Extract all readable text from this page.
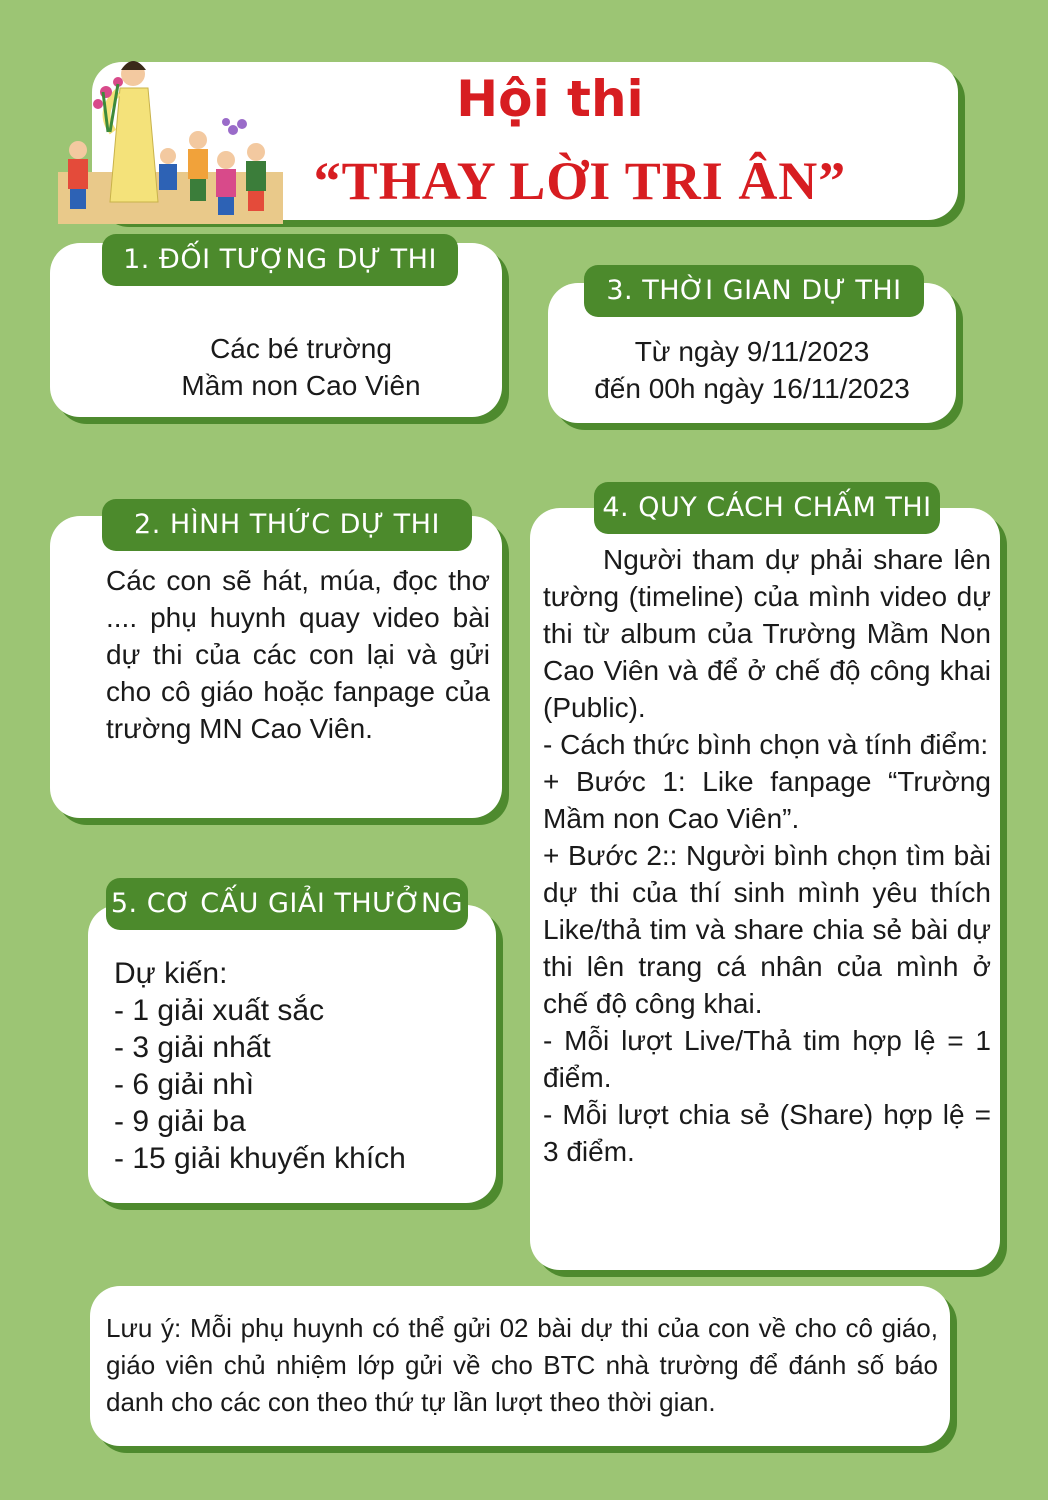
Hội thi
“THAY LỜI TRI ÂN”
1. ĐỐI TƯỢNG DỰ THI
Các bé trường
Mầm non Cao Viên
3. THỜI GIAN DỰ THI
Từ ngày 9/11/2023
đến 00h ngày 16/11/2023
2. HÌNH THỨC DỰ THI
Các con sẽ hát, múa, đọc thơ .... phụ huynh quay video bài dự thi của các con lại và gửi cho cô giáo hoặc fanpage của trường MN Cao Viên.
4. QUY CÁCH CHẤM THI
Người tham dự phải share lên tường (timeline) của mình video dự thi từ album của Trường Mầm Non Cao Viên và để ở chế độ công khai (Public).
- Cách thức bình chọn và tính điểm:
+ Bước 1: Like fanpage “Trường Mầm non Cao Viên”.
+ Bước 2:: Người bình chọn tìm bài dự thi của thí sinh mình yêu thích Like/thả tim và share chia sẻ bài dự thi lên trang cá nhân của mình ở chế độ công khai.
- Mỗi lượt Live/Thả tim hợp lệ = 1 điểm.
- Mỗi lượt chia sẻ (Share) hợp lệ = 3 điểm.
5. CƠ CẤU GIẢI THƯỞNG
Dự kiến:
- 1 giải xuất sắc
- 3 giải nhất
- 6 giải nhì
- 9 giải ba
- 15 giải khuyến khích
Lưu ý: Mỗi phụ huynh có thể gửi 02 bài dự thi của con về cho cô giáo, giáo viên chủ nhiệm lớp gửi về cho BTC nhà trường để đánh số báo danh cho các con theo thứ tự lần lượt theo thời gian.
